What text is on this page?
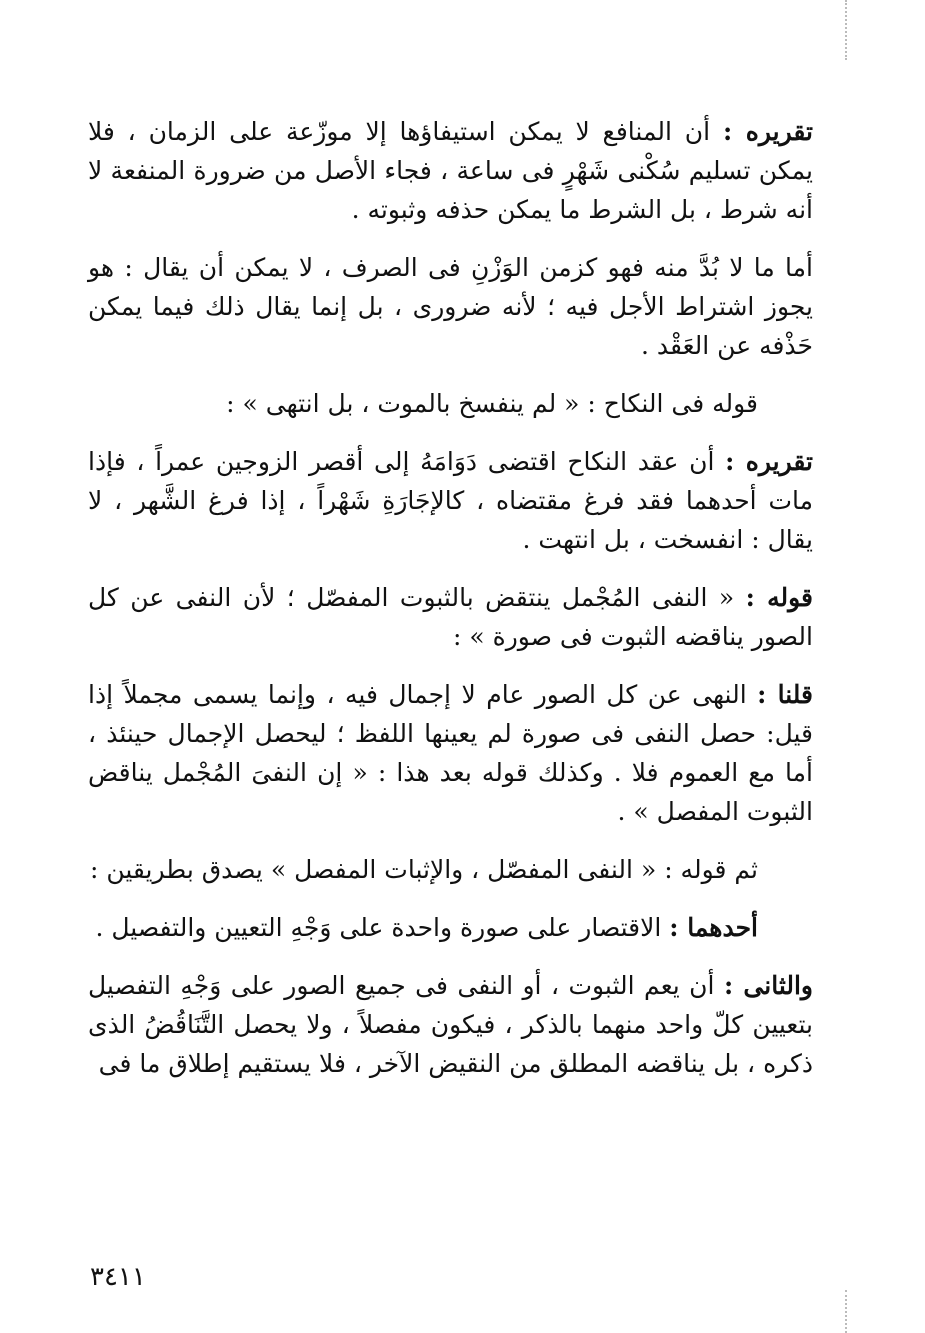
تقريره : أن المنافع لا يمكن استيفاؤها إلا موزّعة على الزمان ، فلا يمكن تسليم سُكْنى شَهْرٍ فى ساعة ، فجاء الأصل من ضرورة المنفعة لا أنه شرط ، بل الشرط ما يمكن حذفه وثبوته .

أما ما لا بُدَّ منه فهو كزمن الوَزْنِ فى الصرف ، لا يمكن أن يقال : هو يجوز اشتراط الأجل فيه ؛ لأنه ضرورى ، بل إنما يقال ذلك فيما يمكن حَذْفه عن العَقْد .

قوله فى النكاح : « لم ينفسخ بالموت ، بل انتهى » :

تقريره : أن عقد النكاح اقتضى دَوَامَهُ إلى أقصر الزوجين عمراً ، فإذا مات أحدهما فقد فرغ مقتضاه ، كالإجَارَةِ شَهْراً ، إذا فرغ الشَّهر ، لا يقال : انفسخت ، بل انتهت .

قوله : « النفى المُجْمل ينتقض بالثبوت المفصّل ؛ لأن النفى عن كل الصور يناقضه الثبوت فى صورة » :

قلنا : النهى عن كل الصور عام لا إجمال فيه ، وإنما يسمى مجملاً إذا قيل: حصل النفى فى صورة لم يعينها اللفظ ؛ ليحصل الإجمال حينئذ ، أما مع العموم فلا . وكذلك قوله بعد هذا : « إن النفىَ المُجْمل يناقض الثبوت المفصل » .

ثم قوله : « النفى المفصّل ، والإثبات المفصل » يصدق بطريقين :

أحدهما : الاقتصار على صورة واحدة على وَجْهِ التعيين والتفصيل .

والثانى : أن يعم الثبوت ، أو النفى فى جميع الصور على وَجْهِ التفصيل بتعيين كلّ واحد منهما بالذكر ، فيكون مفصلاً ، ولا يحصل التَّنَاقُضُ الذى ذكره ، بل يناقضه المطلق من النقيض الآخر ، فلا يستقيم إطلاق ما فى

٣٤١١
